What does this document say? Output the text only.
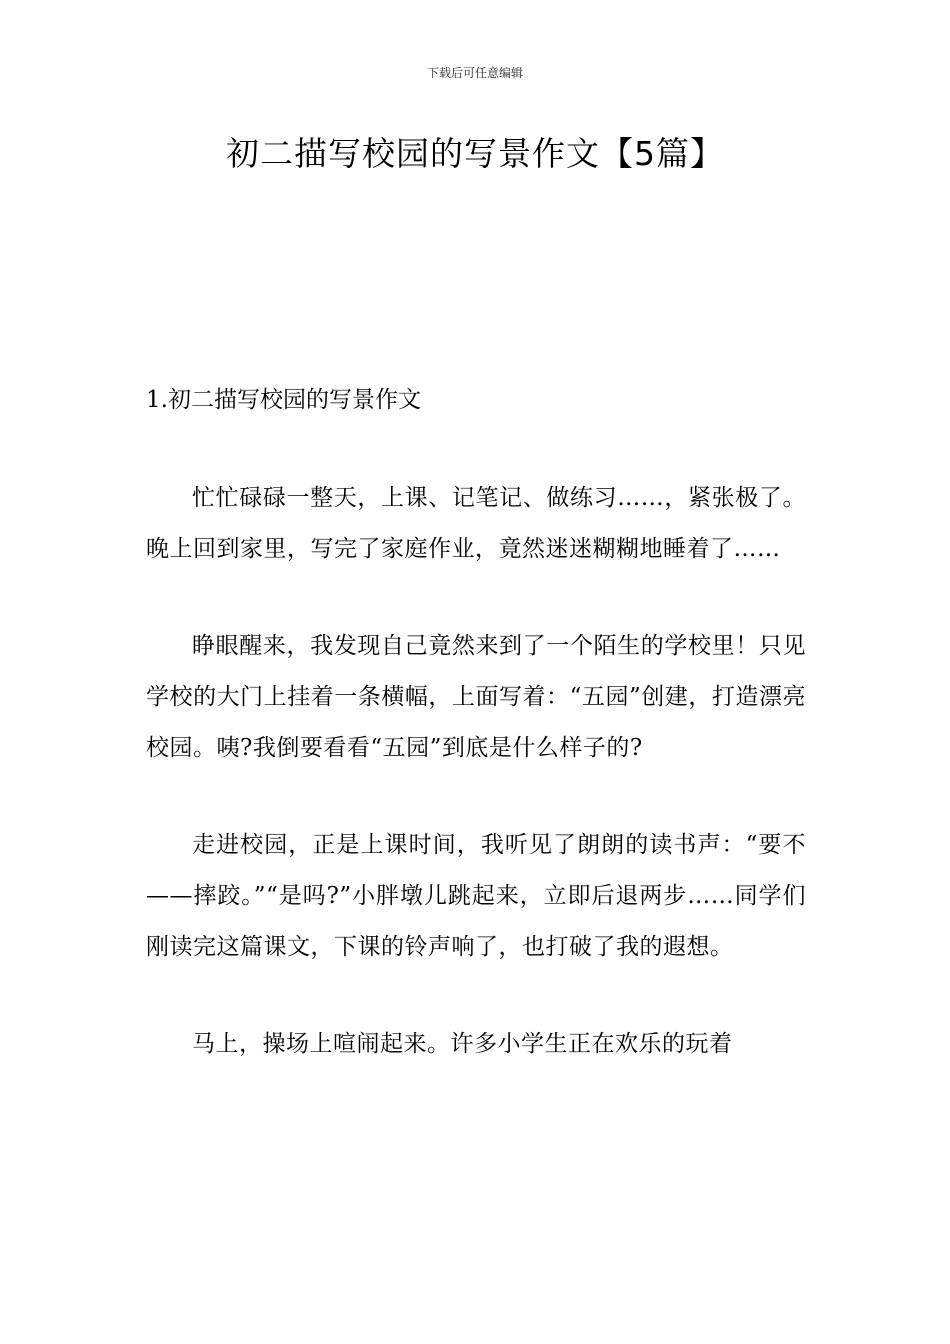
下载后可任意编辑
初二描写校园的写景作文【5篇】
1.初二描写校园的写景作文

忙忙碌碌一整天，上课、记笔记、做练习……，紧张极了。晚上回到家里，写完了家庭作业，竟然迷迷糊糊地睡着了……

睁眼醒来，我发现自己竟然来到了一个陌生的学校里！只见学校的大门上挂着一条横幅，上面写着：“五园”创建，打造漂亮校园。咦?我倒要看看“五园”到底是什么样子的?

走进校园，正是上课时间，我听见了朗朗的读书声：“要不——摔跤。”“是吗?”小胖墩儿跳起来，立即后退两步……同学们刚读完这篇课文，下课的铃声响了，也打破了我的遐想。

马上，操场上喧闹起来。许多小学生正在欢乐的玩着
